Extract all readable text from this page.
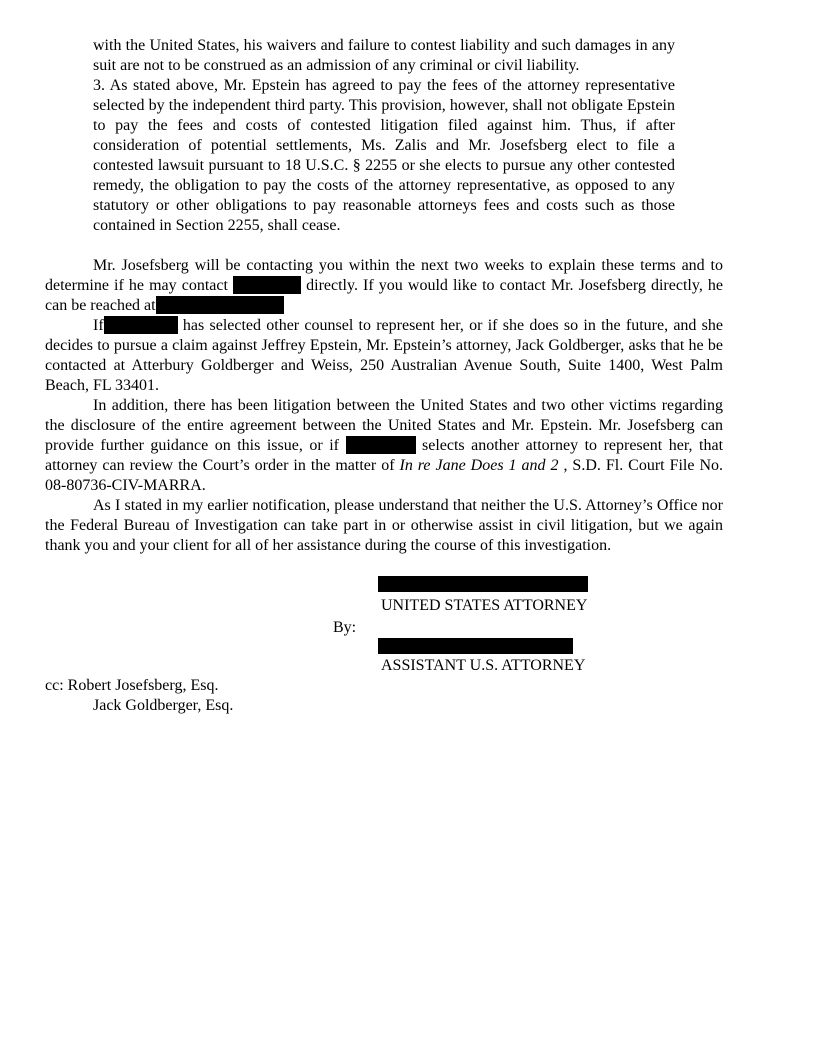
with the United States, his waivers and failure to contest liability and such damages in any suit are not to be construed as an admission of any criminal or civil liability.

3. As stated above, Mr. Epstein has agreed to pay the fees of the attorney representative selected by the independent third party. This provision, however, shall not obligate Epstein to pay the fees and costs of contested litigation filed against him. Thus, if after consideration of potential settlements, Ms. Zalis and Mr. Josefsberg elect to file a contested lawsuit pursuant to 18 U.S.C. § 2255 or she elects to pursue any other contested remedy, the obligation to pay the costs of the attorney representative, as opposed to any statutory or other obligations to pay reasonable attorneys fees and costs such as those contained in Section 2255, shall cease.

Mr. Josefsberg will be contacting you within the next two weeks to explain these terms and to determine if he may contact	directly. If you would like to contact Mr. Josefsberg directly, he can be reached at

If	has selected other counsel to represent her, or if she does so in the future, and she decides to pursue a claim against Jeffrey Epstein, Mr. Epstein’s attorney, Jack Goldberger, asks that he be contacted at Atterbury Goldberger and Weiss, 250 Australian Avenue South, Suite 1400, West Palm Beach, FL 33401.

In addition, there has been litigation between the United States and two other victims regarding the disclosure of the entire agreement between the United States and Mr. Epstein. Mr. Josefsberg can provide further guidance on this issue, or if	selects another attorney to represent her, that attorney can review the Court’s order in the matter of In re Jane Does 1 and 2 , S.D. Fl. Court File No. 08-80736-CIV-MARRA.

As I stated in my earlier notification, please understand that neither the U.S. Attorney’s Office nor the Federal Bureau of Investigation can take part in or otherwise assist in civil litigation, but we again thank you and your client for all of her assistance during the course of this investigation.

UNITED STATES ATTORNEY
By:
ASSISTANT U.S. ATTORNEY
cc: Robert Josefsberg, Esq.
Jack Goldberger, Esq.
